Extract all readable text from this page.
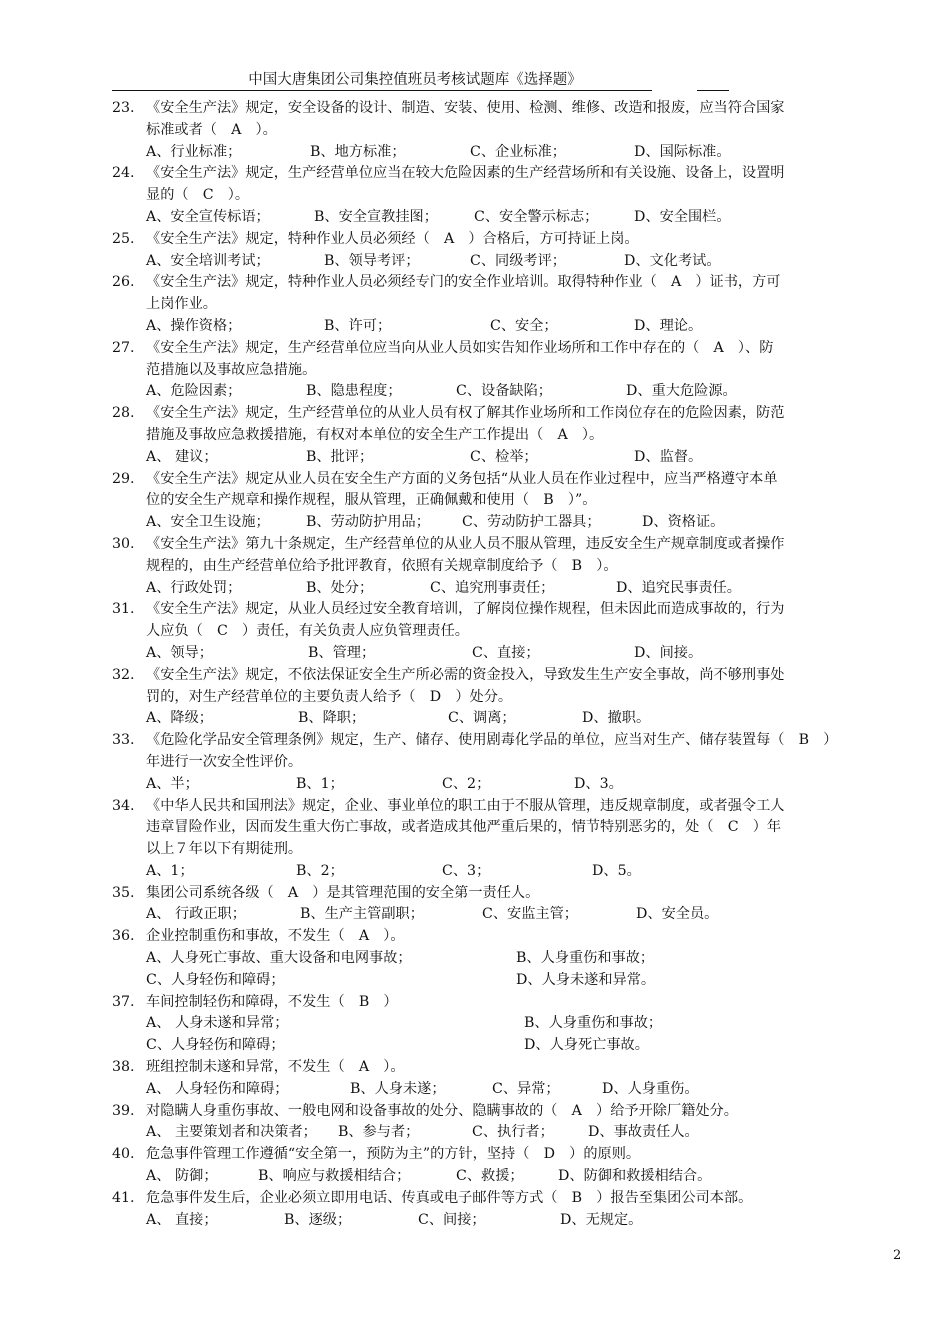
中国大唐集团公司集控值班员考核试题库《选择题》
23. 《安全生产法》规定，安全设备的设计、制造、安装、使用、检测、维修、改造和报废，应当符合国家
标准或者（　A　）。
A、行业标准；	B、地方标准；	C、企业标准；	D、国际标准。
24. 《安全生产法》规定，生产经营单位应当在较大危险因素的生产经营场所和有关设施、设备上，设置明
显的（　C　）。
A、安全宣传标语；	B、安全宣教挂图；	C、安全警示标志；	D、安全围栏。
25. 《安全生产法》规定，特种作业人员必须经（　A　）合格后，方可持证上岗。
A、安全培训考试；	B、领导考评；	C、同级考评；	D、文化考试。
26. 《安全生产法》规定，特种作业人员必须经专门的安全作业培训。取得特种作业（　A　）证书，方可
上岗作业。
A、操作资格；	B、许可；	C、安全；	D、理论。
27. 《安全生产法》规定，生产经营单位应当向从业人员如实告知作业场所和工作中存在的（　A　）、防
范措施以及事故应急措施。
A、危险因素；	B、隐患程度；	C、设备缺陷；	D、重大危险源。
28. 《安全生产法》规定，生产经营单位的从业人员有权了解其作业场所和工作岗位存在的危险因素，防范
措施及事故应急救援措施，有权对本单位的安全生产工作提出（　A　）。
A、 建议；	B、批评；	C、检举；	D、监督。
29. 《安全生产法》规定从业人员在安全生产方面的义务包括“从业人员在作业过程中，应当严格遵守本单
位的安全生产规章和操作规程，服从管理，正确佩戴和使用（　B　）”。
A、安全卫生设施；	B、劳动防护用品； C、劳动防护工器具；	D、资格证。
30. 《安全生产法》第九十条规定，生产经营单位的从业人员不服从管理，违反安全生产规章制度或者操作
规程的，由生产经营单位给予批评教育，依照有关规章制度给予（　B　）。
A、行政处罚；	B、处分；	C、追究刑事责任；	D、追究民事责任。
31. 《安全生产法》规定，从业人员经过安全教育培训，了解岗位操作规程，但未因此而造成事故的，行为
人应负（　C　）责任，有关负责人应负管理责任。
A、领导；	B、管理；	C、直接；	D、间接。
32. 《安全生产法》规定，不依法保证安全生产所必需的资金投入，导致发生生产安全事故，尚不够刑事处
罚的，对生产经营单位的主要负责人给予（　D　）处分。
A、降级；	B、降职；	C、调离；	D、撤职。
33. 《危险化学品安全管理条例》规定，生产、储存、使用剧毒化学品的单位，应当对生产、储存装置每（　B　）
年进行一次安全性评价。
A、半；	B、1；	C、2；	D、3。
34. 《中华人民共和国刑法》规定，企业、事业单位的职工由于不服从管理，违反规章制度，或者强令工人
违章冒险作业，因而发生重大伤亡事故，或者造成其他严重后果的，情节特别恶劣的，处（　C　）年
以上７年以下有期徒刑。
A、1；	B、2；	C、3；	D、5。
35. 集团公司系统各级（　A　）是其管理范围的安全第一责任人。
A、 行政正职；	B、生产主管副职；	C、安监主管；	D、安全员。
36. 企业控制重伤和事故，不发生（　A　）。
A、人身死亡事故、重大设备和电网事故；	B、人身重伤和事故；
C、人身轻伤和障碍；	D、人身未遂和异常。
37. 车间控制轻伤和障碍，不发生（　B　）
A、 人身未遂和异常；	B、人身重伤和事故；
C、人身轻伤和障碍；	D、人身死亡事故。
38. 班组控制未遂和异常，不发生（　A　）。
A、 人身轻伤和障碍；	B、人身未遂；	C、异常；	D、人身重伤。
39. 对隐瞒人身重伤事故、一般电网和设备事故的处分、隐瞒事故的（　A　）给予开除厂籍处分。
A、 主要策划者和决策者； B、参与者；	C、执行者； D、事故责任人。
40. 危急事件管理工作遵循“安全第一，预防为主”的方针，坚持（　D　）的原则。
A、 防御；	B、响应与救援相结合；	C、救援； D、防御和救援相结合。
41. 危急事件发生后，企业必须立即用电话、传真或电子邮件等方式（　B　）报告至集团公司本部。
A、 直接；	B、逐级；	C、间接；	D、无规定。
2
